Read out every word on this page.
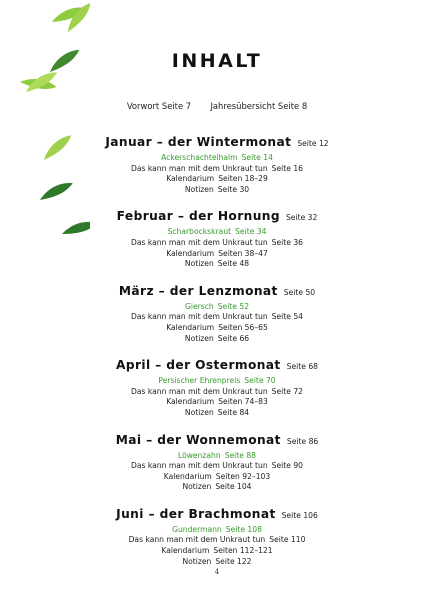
INHALT
Vorwort Seite 7 Jahresübersicht Seite 8
Januar – der Wintermonat Seite 12
Ackerschachtelhalm Seite 14
Das kann man mit dem Unkraut tun Seite 16
Kalendarium Seiten 18–29
Notizen Seite 30
Februar – der Hornung Seite 32
Scharbockskraut Seite 34
Das kann man mit dem Unkraut tun Seite 36
Kalendarium Seiten 38–47
Notizen Seite 48
März – der Lenzmonat Seite 50
Giersch Seite 52
Das kann man mit dem Unkraut tun Seite 54
Kalendarium Seiten 56–65
Notizen Seite 66
April – der Ostermonat Seite 68
Persischer Ehrenpreis Seite 70
Das kann man mit dem Unkraut tun Seite 72
Kalendarium Seiten 74–83
Notizen Seite 84
Mai – der Wonnemonat Seite 86
Löwenzahn Seite 88
Das kann man mit dem Unkraut tun Seite 90
Kalendarium Seiten 92–103
Notizen Seite 104
Juni – der Brachmonat Seite 106
Gundermann Seite 108
Das kann man mit dem Unkraut tun Seite 110
Kalendarium Seiten 112–121
Notizen Seite 122
4
